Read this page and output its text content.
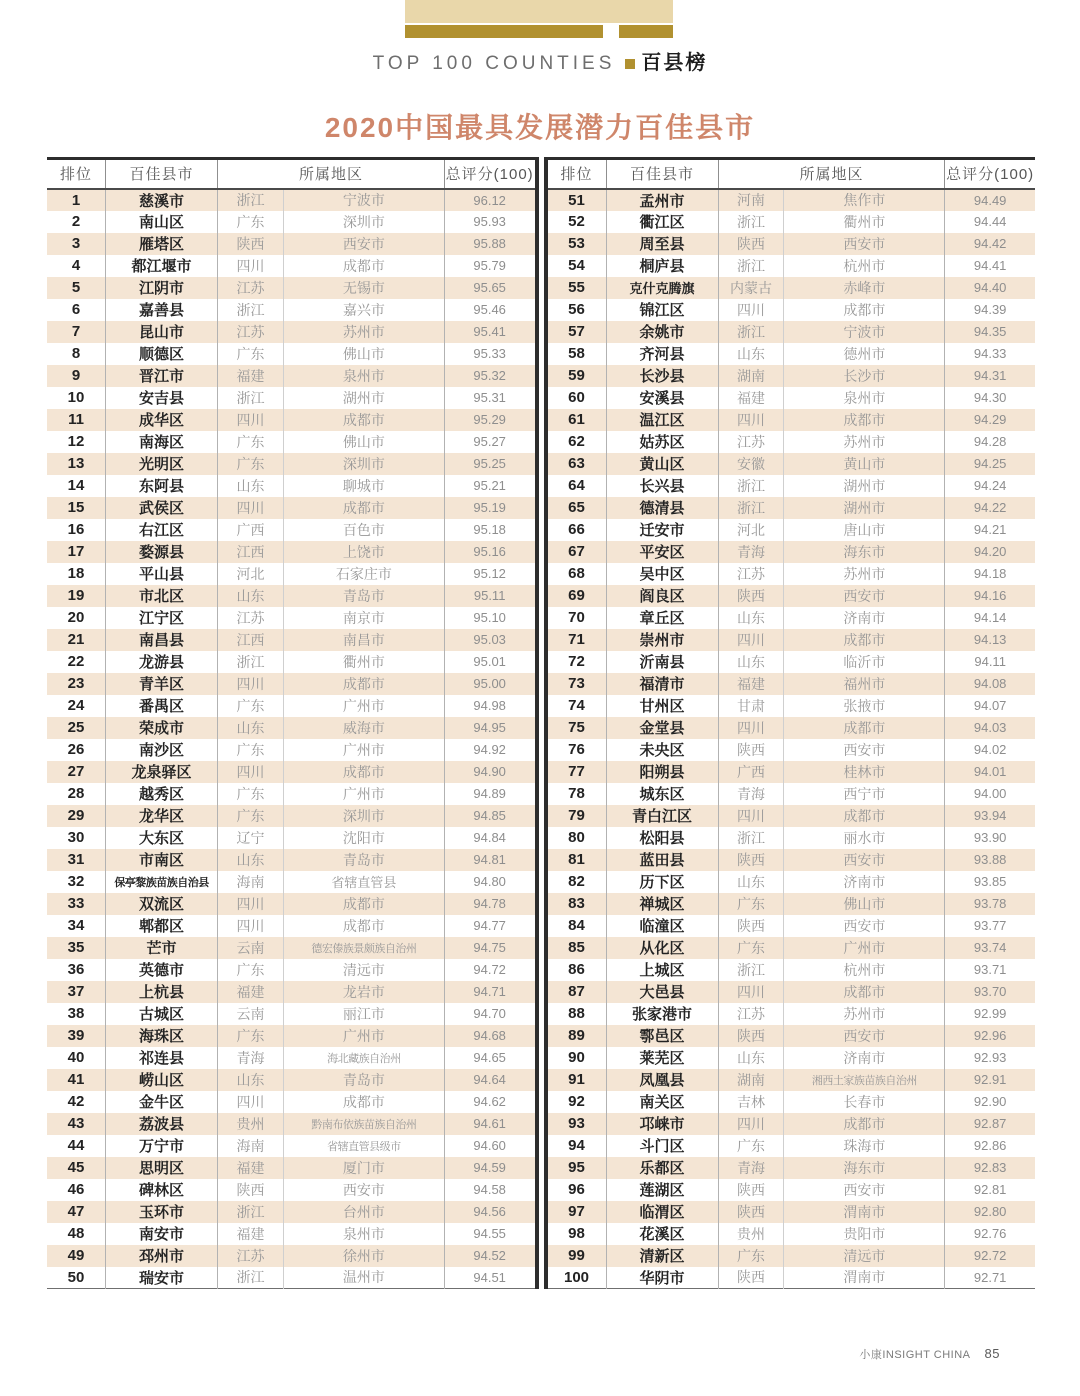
TOP 100 COUNTIES 百县榜
2020中国最具发展潜力百佳县市
排位	百佳县市	所属地区		总评分(100)
1	慈溪市	浙江	宁波市	96.12
2	南山区	广东	深圳市	95.93
3	雁塔区	陕西	西安市	95.88
4	都江堰市	四川	成都市	95.79
5	江阴市	江苏	无锡市	95.65
6	嘉善县	浙江	嘉兴市	95.46
7	昆山市	江苏	苏州市	95.41
8	顺德区	广东	佛山市	95.33
9	晋江市	福建	泉州市	95.32
10	安吉县	浙江	湖州市	95.31
11	成华区	四川	成都市	95.29
12	南海区	广东	佛山市	95.27
13	光明区	广东	深圳市	95.25
14	东阿县	山东	聊城市	95.21
15	武侯区	四川	成都市	95.19
16	右江区	广西	百色市	95.18
17	婺源县	江西	上饶市	95.16
18	平山县	河北	石家庄市	95.12
19	市北区	山东	青岛市	95.11
20	江宁区	江苏	南京市	95.10
21	南昌县	江西	南昌市	95.03
22	龙游县	浙江	衢州市	95.01
23	青羊区	四川	成都市	95.00
24	番禺区	广东	广州市	94.98
25	荣成市	山东	威海市	94.95
26	南沙区	广东	广州市	94.92
27	龙泉驿区	四川	成都市	94.90
28	越秀区	广东	广州市	94.89
29	龙华区	广东	深圳市	94.85
30	大东区	辽宁	沈阳市	94.84
31	市南区	山东	青岛市	94.81
32	保亭黎族苗族自治县	海南	省辖直管县	94.80
33	双流区	四川	成都市	94.78
34	郫都区	四川	成都市	94.77
35	芒市	云南	德宏傣族景颇族自治州	94.75
36	英德市	广东	清远市	94.72
37	上杭县	福建	龙岩市	94.71
38	古城区	云南	丽江市	94.70
39	海珠区	广东	广州市	94.68
40	祁连县	青海	海北藏族自治州	94.65
41	崂山区	山东	青岛市	94.64
42	金牛区	四川	成都市	94.62
43	荔波县	贵州	黔南布依族苗族自治州	94.61
44	万宁市	海南	省辖直管县级市	94.60
45	思明区	福建	厦门市	94.59
46	碑林区	陕西	西安市	94.58
47	玉环市	浙江	台州市	94.56
48	南安市	福建	泉州市	94.55
49	邳州市	江苏	徐州市	94.52
50	瑞安市	浙江	温州市	94.51
排位	百佳县市	所属地区		总评分(100)
51	孟州市	河南	焦作市	94.49
52	衢江区	浙江	衢州市	94.44
53	周至县	陕西	西安市	94.42
54	桐庐县	浙江	杭州市	94.41
55	克什克腾旗	内蒙古	赤峰市	94.40
56	锦江区	四川	成都市	94.39
57	余姚市	浙江	宁波市	94.35
58	齐河县	山东	德州市	94.33
59	长沙县	湖南	长沙市	94.31
60	安溪县	福建	泉州市	94.30
61	温江区	四川	成都市	94.29
62	姑苏区	江苏	苏州市	94.28
63	黄山区	安徽	黄山市	94.25
64	长兴县	浙江	湖州市	94.24
65	德清县	浙江	湖州市	94.22
66	迁安市	河北	唐山市	94.21
67	平安区	青海	海东市	94.20
68	吴中区	江苏	苏州市	94.18
69	阎良区	陕西	西安市	94.16
70	章丘区	山东	济南市	94.14
71	崇州市	四川	成都市	94.13
72	沂南县	山东	临沂市	94.11
73	福清市	福建	福州市	94.08
74	甘州区	甘肃	张掖市	94.07
75	金堂县	四川	成都市	94.03
76	未央区	陕西	西安市	94.02
77	阳朔县	广西	桂林市	94.01
78	城东区	青海	西宁市	94.00
79	青白江区	四川	成都市	93.94
80	松阳县	浙江	丽水市	93.90
81	蓝田县	陕西	西安市	93.88
82	历下区	山东	济南市	93.85
83	禅城区	广东	佛山市	93.78
84	临潼区	陕西	西安市	93.77
85	从化区	广东	广州市	93.74
86	上城区	浙江	杭州市	93.71
87	大邑县	四川	成都市	93.70
88	张家港市	江苏	苏州市	92.99
89	鄠邑区	陕西	西安市	92.96
90	莱芜区	山东	济南市	92.93
91	凤凰县	湖南	湘西土家族苗族自治州	92.91
92	南关区	吉林	长春市	92.90
93	邛崃市	四川	成都市	92.87
94	斗门区	广东	珠海市	92.86
95	乐都区	青海	海东市	92.83
96	莲湖区	陕西	西安市	92.81
97	临渭区	陕西	渭南市	92.80
98	花溪区	贵州	贵阳市	92.76
99	清新区	广东	清远市	92.72
100	华阴市	陕西	渭南市	92.71
小康INSIGHT CHINA 85
